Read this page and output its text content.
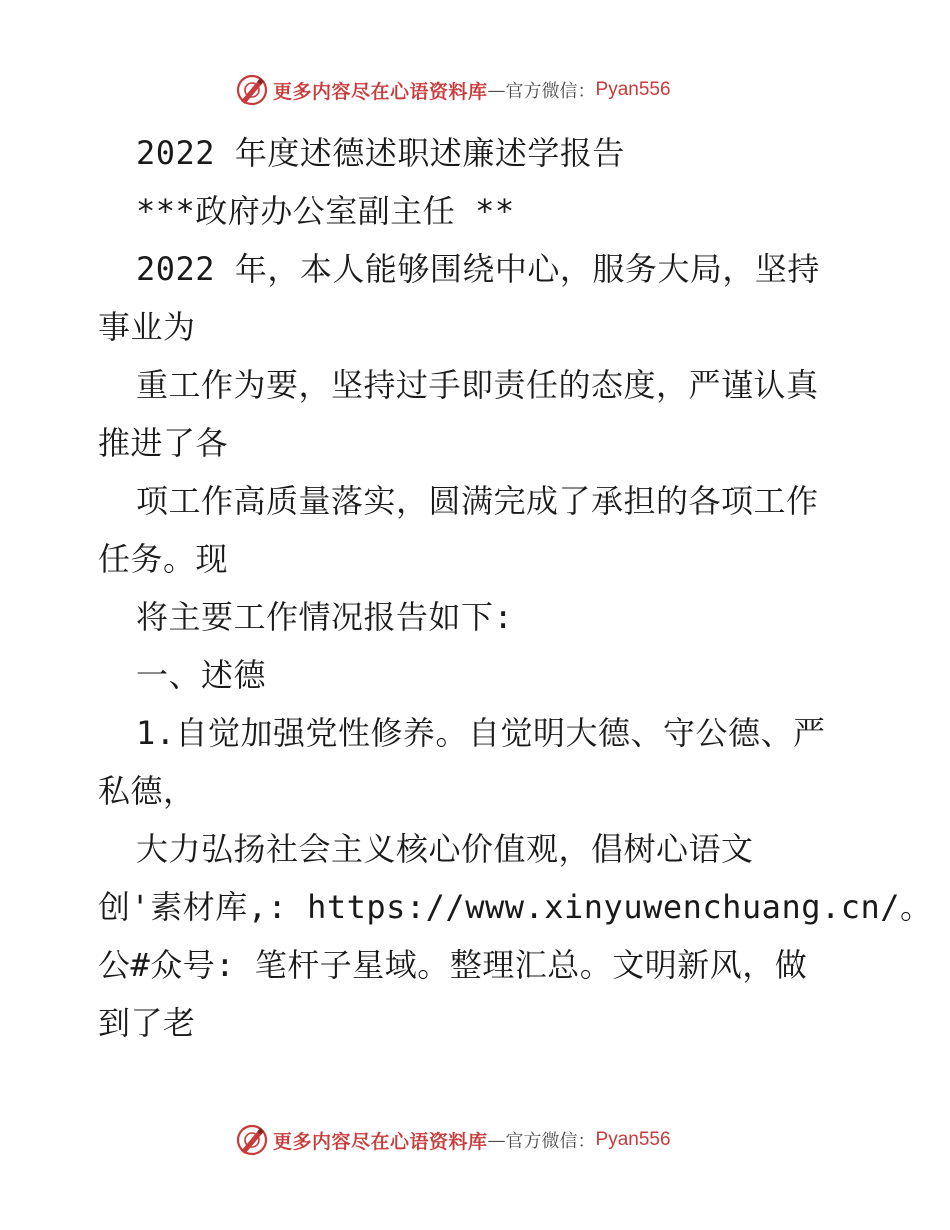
更多内容尽在心语资料库 — 官方微信： Pyan556
2022 年度述德述职述廉述学报告
***政府办公室副主任 **
2022 年，本人能够围绕中心，服务大局，坚持
事业为
重工作为要，坚持过手即责任的态度，严谨认真
推进了各
项工作高质量落实，圆满完成了承担的各项工作
任务。现
将主要工作情况报告如下:
一、述德
1.自觉加强党性修养。自觉明大德、守公德、严
私德，
大力弘扬社会主义核心价值观，倡树心语文
创'素材库,: https://www.xinyuwenchuang.cn/。
公#众号: 笔杆子星域。整理汇总。文明新风，做
到了老
更多内容尽在心语资料库 — 官方微信： Pyan556
